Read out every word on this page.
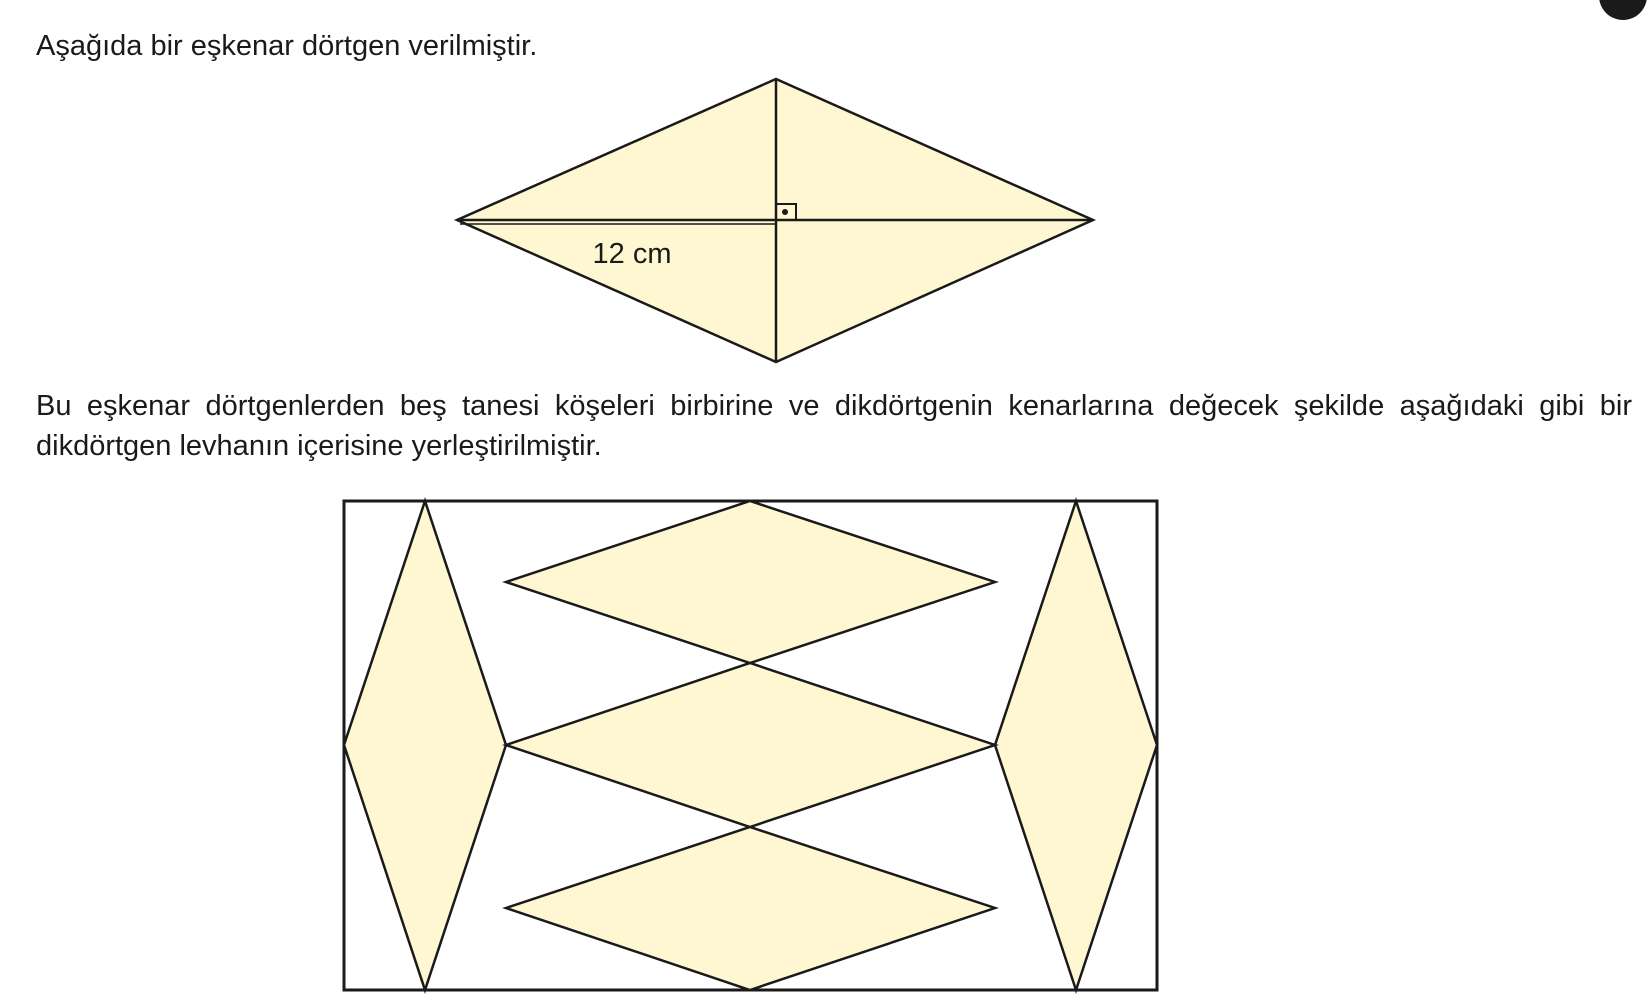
Aşağıda bir eşkenar dörtgen verilmiştir.

12 cm

Bu eşkenar dörtgenlerden beş tanesi köşeleri birbirine ve dikdörtgenin kenarlarına değecek şekilde aşağıdaki gibi bir dikdörtgen levhanın içerisine yerleştirilmiştir.
